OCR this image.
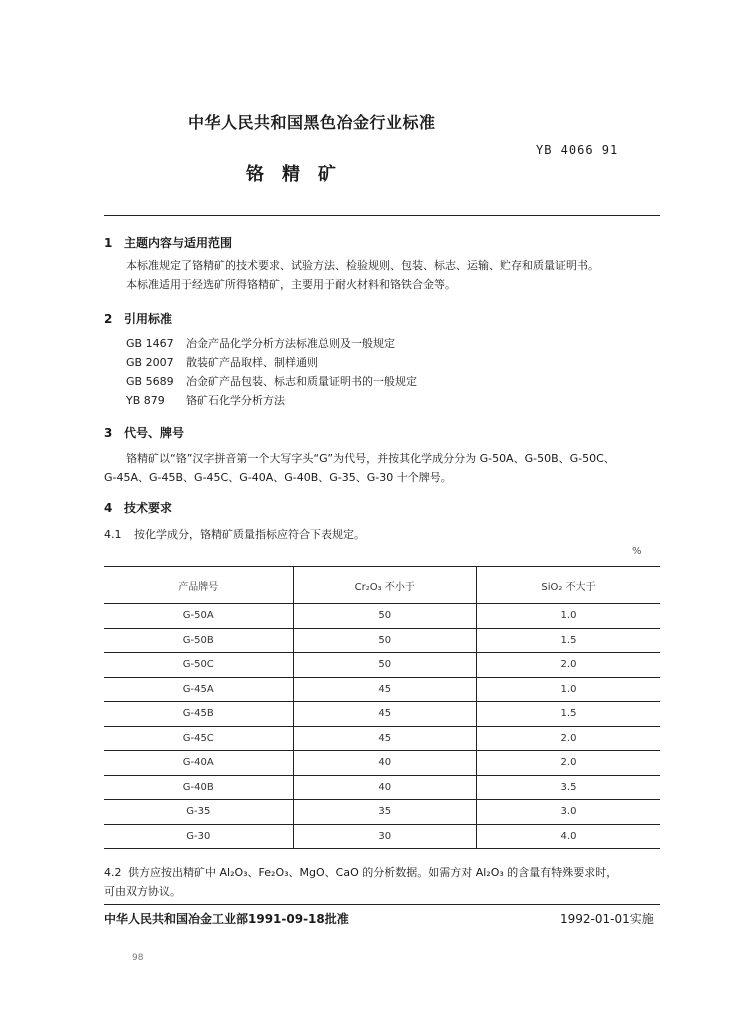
中华人民共和国黑色冶金行业标准
YB 4066 91
铬　精　矿
1 主题内容与适用范围
本标准规定了铬精矿的技术要求、试验方法、检验规则、包装、标志、运输、贮存和质量证明书。
本标准适用于经选矿所得铬精矿，主要用于耐火材料和铬铁合金等。
2 引用标准
GB 1467 冶金产品化学分析方法标准总则及一般规定
GB 2007 散装矿产品取样、制样通则
GB 5689 冶金矿产品包装、标志和质量证明书的一般规定
YB 879 铬矿石化学分析方法
3 代号、牌号
铬精矿以“铬”汉字拼音第一个大写字头“G”为代号，并按其化学成分分为 G-50A、G-50B、G-50C、
G-45A、G-45B、G-45C、G-40A、G-40B、G-35、G-30 十个牌号。
4 技术要求
4.1 按化学成分，铬精矿质量指标应符合下表规定。
%
产品牌号	Cr₂O₃ 不小于	SiO₂ 不大于
G-50A	50	1.0
G-50B	50	1.5
G-50C	50	2.0
G-45A	45	1.0
G-45B	45	1.5
G-45C	45	2.0
G-40A	40	2.0
G-40B	40	3.5
G-35	35	3.0
G-30	30	4.0
4.2 供方应按出精矿中 Al₂O₃、Fe₂O₃、MgO、CaO 的分析数据。如需方对 Al₂O₃ 的含量有特殊要求时，
可由双方协议。
中华人民共和国冶金工业部1991-09-18批准	1992-01-01实施
98
